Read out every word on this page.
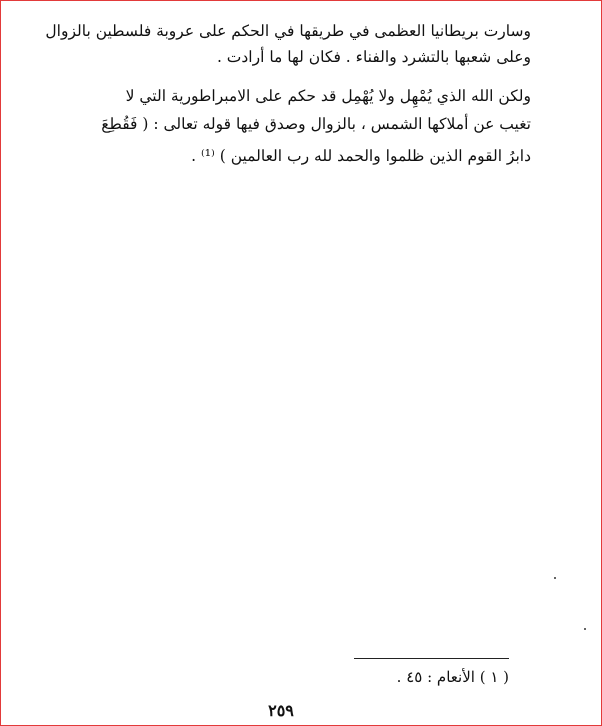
وسارت بريطانيا العظمى في طريقها في الحكم على عروبة فلسطين بالزوال
وعلى شعبها بالتشرد والفناء . فكان لها ما أرادت .
ولكن الله الذي يُمْهِل ولا يُهْمِل قد حكم على الامبراطورية التي لا
تغيب عن أملاكها الشمس ، بالزوال وصدق فيها قوله تعالى : ( فَقُطِعَ
دابرُ القوم الذين ظلموا والحمد لله رب العالمين ) ⁽¹⁾ .
( ١ ) الأنعام : ٤٥ .
٢٥٩
